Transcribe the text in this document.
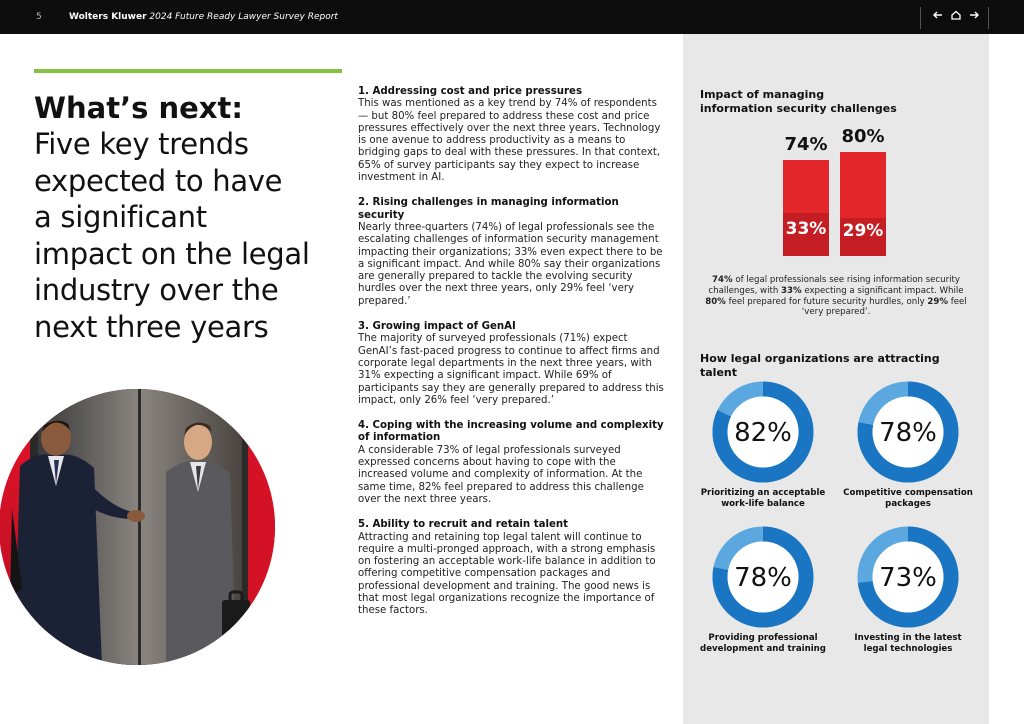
5	Wolters Kluwer 2024 Future Ready Lawyer Survey Report
What’s next:
Five key trends
expected to have
a significant
impact on the legal
industry over the
next three years
1. Addressing cost and price pressures
This was mentioned as a key trend by 74% of respondents — but 80% feel prepared to address these cost and price pressures effectively over the next three years. Technology is one avenue to address productivity as a means to bridging gaps to deal with these pressures. In that context, 65% of survey participants say they expect to increase investment in AI.
2. Rising challenges in managing information security
Nearly three-quarters (74%) of legal professionals see the escalating challenges of information security management impacting their organizations; 33% even expect there to be a significant impact. And while 80% say their organizations are generally prepared to tackle the evolving security hurdles over the next three years, only 29% feel ‘very prepared.’
3. Growing impact of GenAI
The majority of surveyed professionals (71%) expect GenAI’s fast-paced progress to continue to affect firms and corporate legal departments in the next three years, with 31% expecting a significant impact. While 69% of participants say they are generally prepared to address this impact, only 26% feel ‘very prepared.’
4. Coping with the increasing volume and complexity of information
A considerable 73% of legal professionals surveyed expressed concerns about having to cope with the increased volume and complexity of information. At the same time, 82% feel prepared to address this challenge over the next three years.
5. Ability to recruit and retain talent
Attracting and retaining top legal talent will continue to require a multi-pronged approach, with a strong emphasis on fostering an acceptable work-life balance in addition to offering competitive compensation packages and professional development and training. The good news is that most legal organizations recognize the importance of these factors.
Impact of managing information security challenges
33%
74%
29%
80%
74% of legal professionals see rising information security challenges, with 33% expecting a significant impact. While 80% feel prepared for future security hurdles, only 29% feel ‘very prepared’.
How legal organizations are attracting talent
82%
Prioritizing an acceptable work-life balance
78%
Competitive compensation packages
78%
Providing professional development and training
73%
Investing in the latest legal technologies
